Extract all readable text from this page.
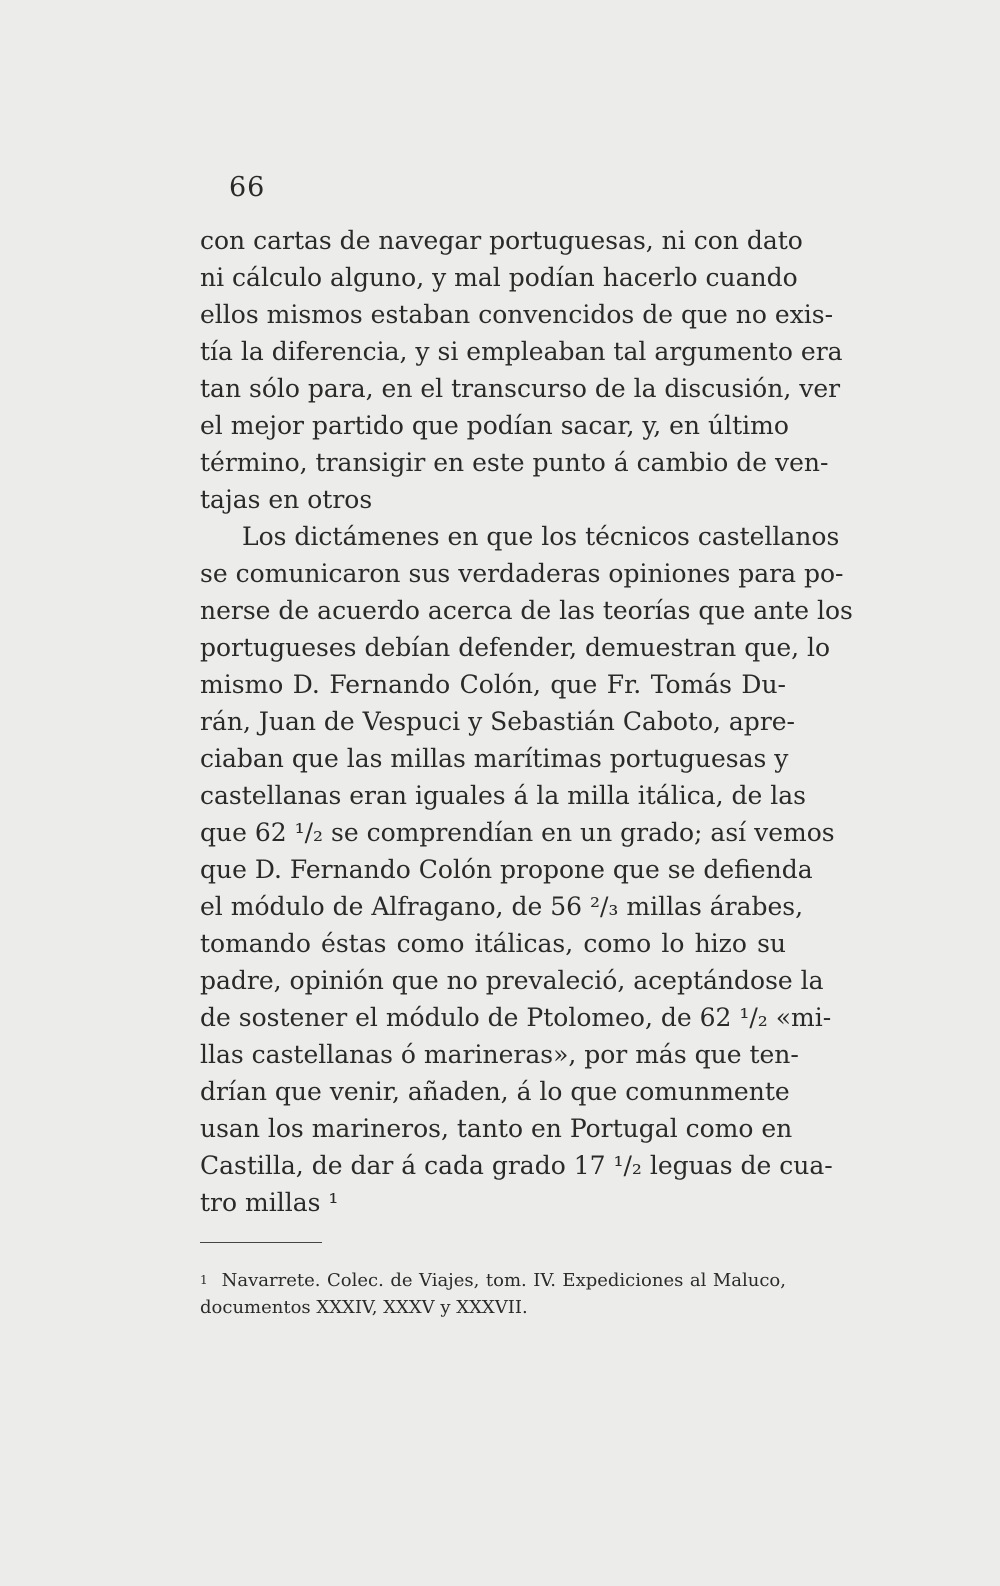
66
con cartas de navegar portuguesas, ni con dato
ni cálculo alguno, y mal podían hacerlo cuando
ellos mismos estaban convencidos de que no exis-
tía la diferencia, y si empleaban tal argumento era
tan sólo para, en el transcurso de la discusión, ver
el mejor partido que podían sacar, y, en último
término, transigir en este punto á cambio de ven-
tajas en otros
Los dictámenes en que los técnicos castellanos
se comunicaron sus verdaderas opiniones para po-
nerse de acuerdo acerca de las teorías que ante los
portugueses debían defender, demuestran que, lo
mismo D. Fernando Colón, que Fr. Tomás Du-
rán, Juan de Vespuci y Sebastián Caboto, apre-
ciaban que las millas marítimas portuguesas y
castellanas eran iguales á la milla itálica, de las
que 62 ¹/₂ se comprendían en un grado; así vemos
que D. Fernando Colón propone que se defienda
el módulo de Alfragano, de 56 ²/₃ millas árabes,
tomando éstas como itálicas, como lo hizo su
padre, opinión que no prevaleció, aceptándose la
de sostener el módulo de Ptolomeo, de 62 ¹/₂ «mi-
llas castellanas ó marineras», por más que ten-
drían que venir, añaden, á lo que comunmente
usan los marineros, tanto en Portugal como en
Castilla, de dar á cada grado 17 ¹/₂ leguas de cua-
tro millas ¹
1 Navarrete. Colec. de Viajes, tom. IV. Expediciones al Maluco,
documentos XXXIV, XXXV y XXXVII.
